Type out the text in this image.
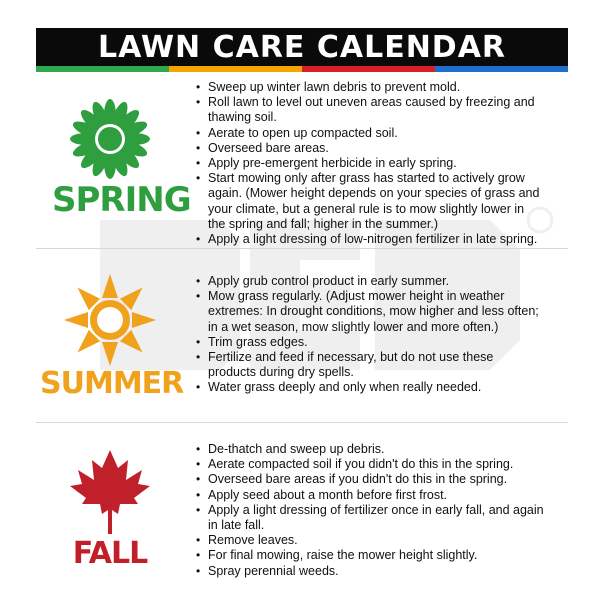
LAWN CARE CALENDAR
SPRING
• Sweep up winter lawn debris to prevent mold.
• Roll lawn to level out uneven areas caused by freezing and thawing soil.
• Aerate to open up compacted soil.
• Overseed bare areas.
• Apply pre-emergent herbicide in early spring.
• Start mowing only after grass has started to actively grow again. (Mower height depends on your species of grass and your climate, but a general rule is to mow slightly lower in the spring and fall; higher in the summer.)
• Apply a light dressing of low-nitrogen fertilizer in late spring.
SUMMER
• Apply grub control product in early summer.
• Mow grass regularly. (Adjust mower height in weather extremes: In drought conditions, mow higher and less often; in a wet season, mow slightly lower and more often.)
• Trim grass edges.
• Fertilize and feed if necessary, but do not use these products during dry spells.
• Water grass deeply and only when really needed.
FALL
• De-thatch and sweep up debris.
• Aerate compacted soil if you didn't do this in the spring.
• Overseed bare areas if you didn't do this in the spring.
• Apply seed about a month before first frost.
• Apply a light dressing of fertilizer once in early fall, and again in late fall.
• Remove leaves.
• For final mowing, raise the mower height slightly.
• Spray perennial weeds.
